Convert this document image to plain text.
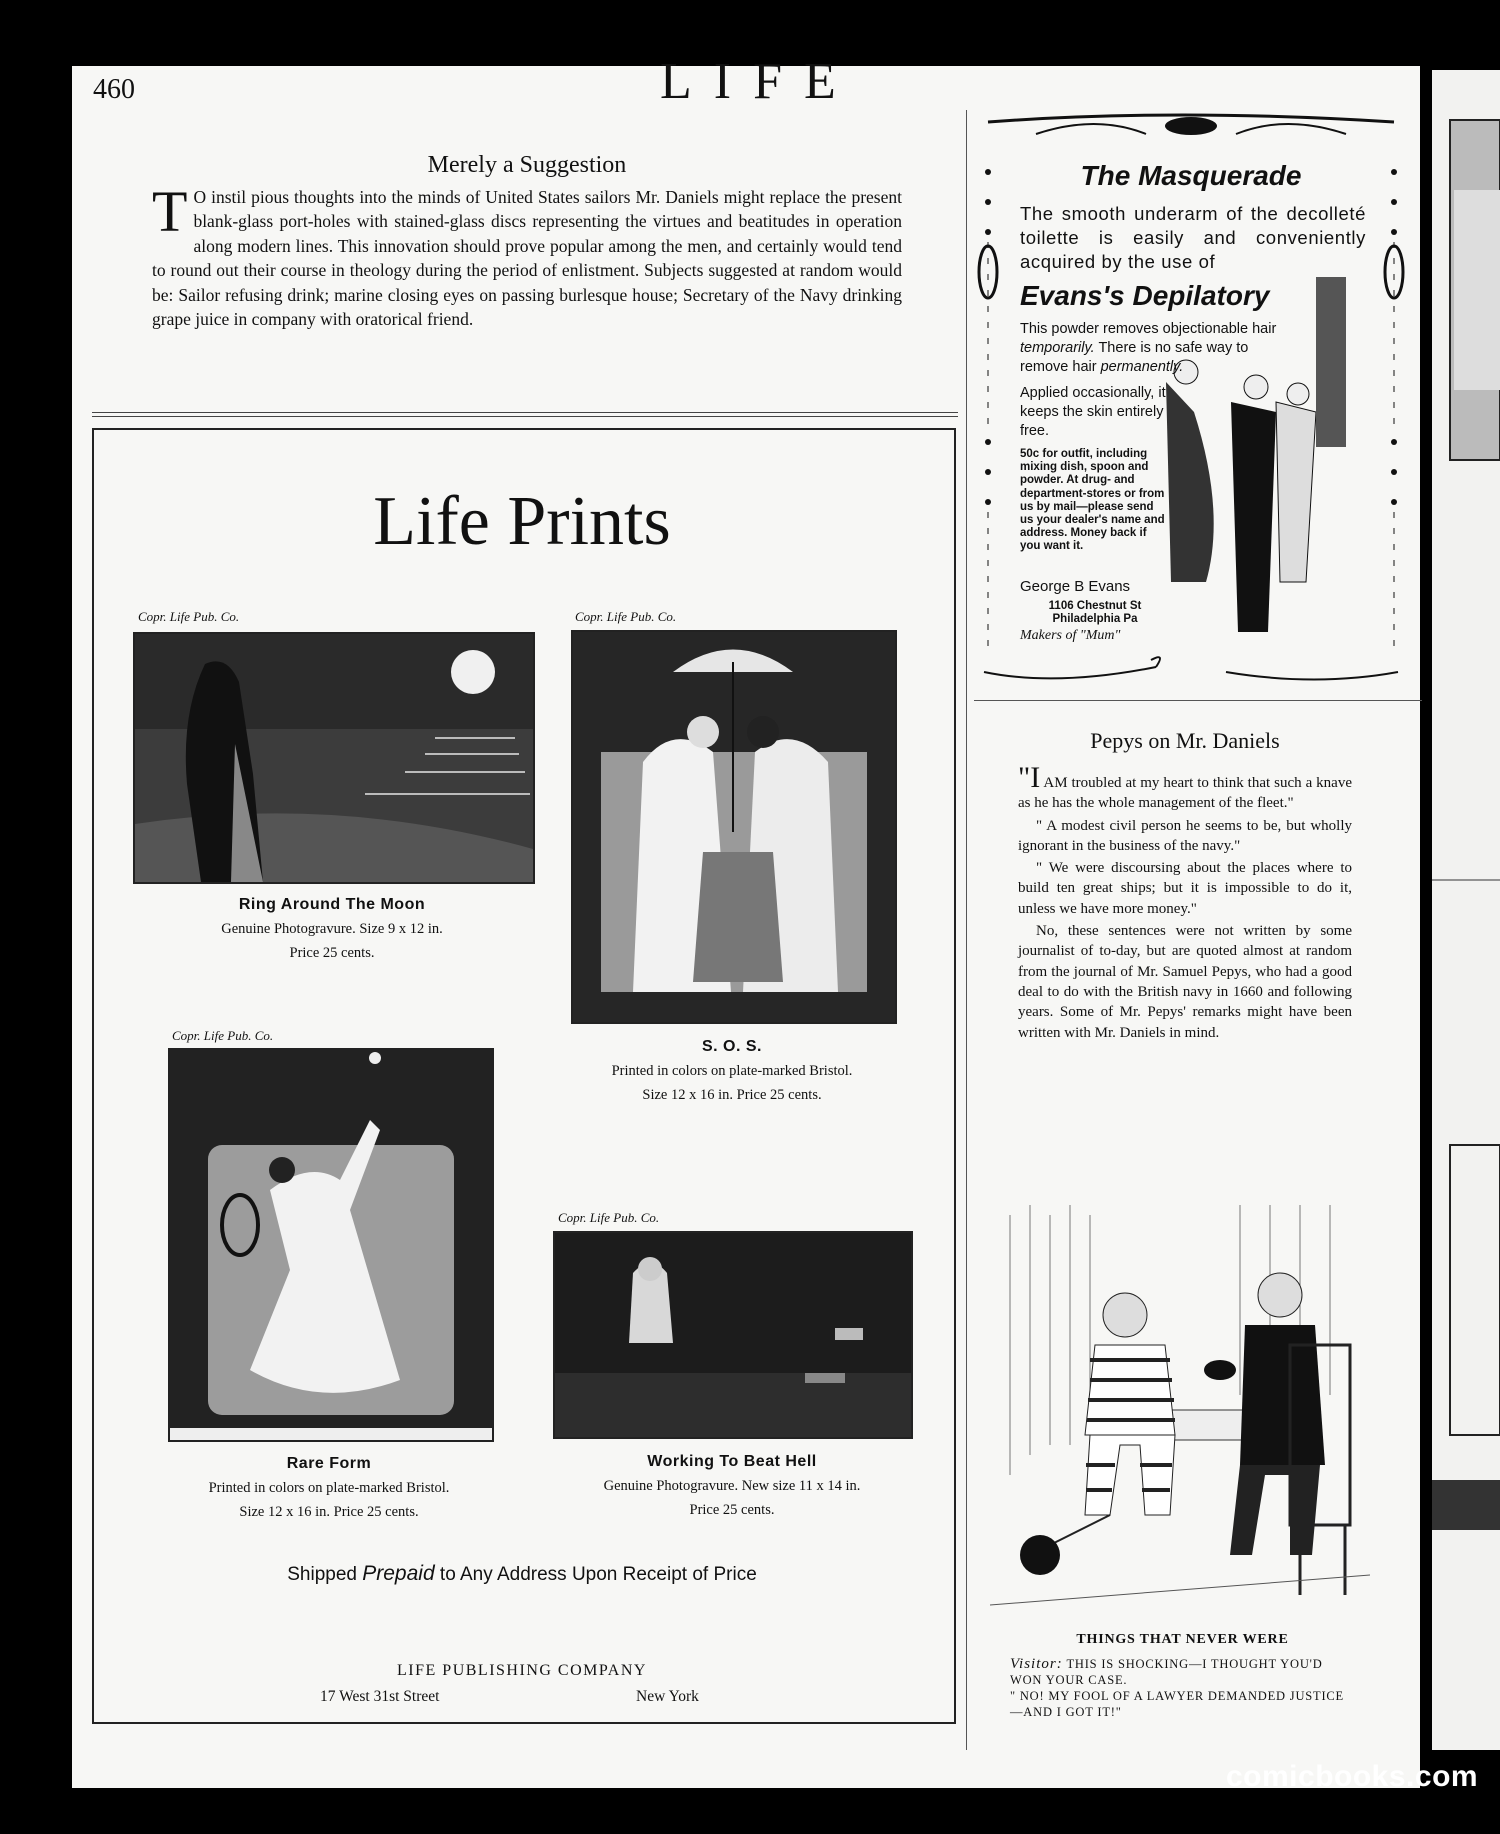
460	LIFE
Merely a Suggestion
T O instil pious thoughts into the minds of United States sailors Mr. Daniels might replace the present blank-glass port-holes with stained-glass discs representing the virtues and beatitudes in operation along modern lines. This innovation should prove popular among the men, and certainly would tend to round out their course in theology during the period of enlistment. Subjects suggested at random would be: Sailor refusing drink; marine closing eyes on passing burlesque house; Secretary of the Navy drinking grape juice in company with oratorical friend.
Life Prints
Copr. Life Pub. Co.
Ring Around The Moon
Genuine Photogravure. Size 9 x 12 in.
Price 25 cents.
Copr. Life Pub. Co.
S. O. S.
Printed in colors on plate-marked Bristol.
Size 12 x 16 in. Price 25 cents.
Copr. Life Pub. Co.
Rare Form
Printed in colors on plate-marked Bristol.
Size 12 x 16 in. Price 25 cents.
Copr. Life Pub. Co.
Working To Beat Hell
Genuine Photogravure. New size 11 x 14 in.
Price 25 cents.
Shipped Prepaid to Any Address Upon Receipt of Price
LIFE PUBLISHING COMPANY
17 West 31st Street	New York
The Masquerade
The smooth underarm of the decolleté toilette is easily and conveniently acquired by the use of
Evans's Depilatory
This powder removes objectionable hair temporarily. There is no safe way to remove hair permanently.
Applied occasionally, it keeps the skin entirely free.
50c for outfit, including mixing dish, spoon and powder. At drug- and department-stores or from us by mail—please send us your dealer's name and address. Money back if you want it.
George B Evans
1106 Chestnut St
Philadelphia Pa
Makers of "Mum"
Pepys on Mr. Daniels

"I AM troubled at my heart to think that such a knave as he has the whole management of the fleet."

" A modest civil person he seems to be, but wholly ignorant in the business of the navy."

" We were discoursing about the places where to build ten great ships; but it is impossible to do it, unless we have more money."

No, these sentences were not written by some journalist of to-day, but are quoted almost at random from the journal of Mr. Samuel Pepys, who had a good deal to do with the British navy in 1660 and following years. Some of Mr. Pepys' remarks might have been written with Mr. Daniels in mind.

THINGS THAT NEVER WERE
Visitor: THIS IS SHOCKING—I THOUGHT YOU'D WON YOUR CASE.
" NO! MY FOOL OF A LAWYER DEMANDED JUSTICE—AND I GOT IT!"
comicbooks.com
